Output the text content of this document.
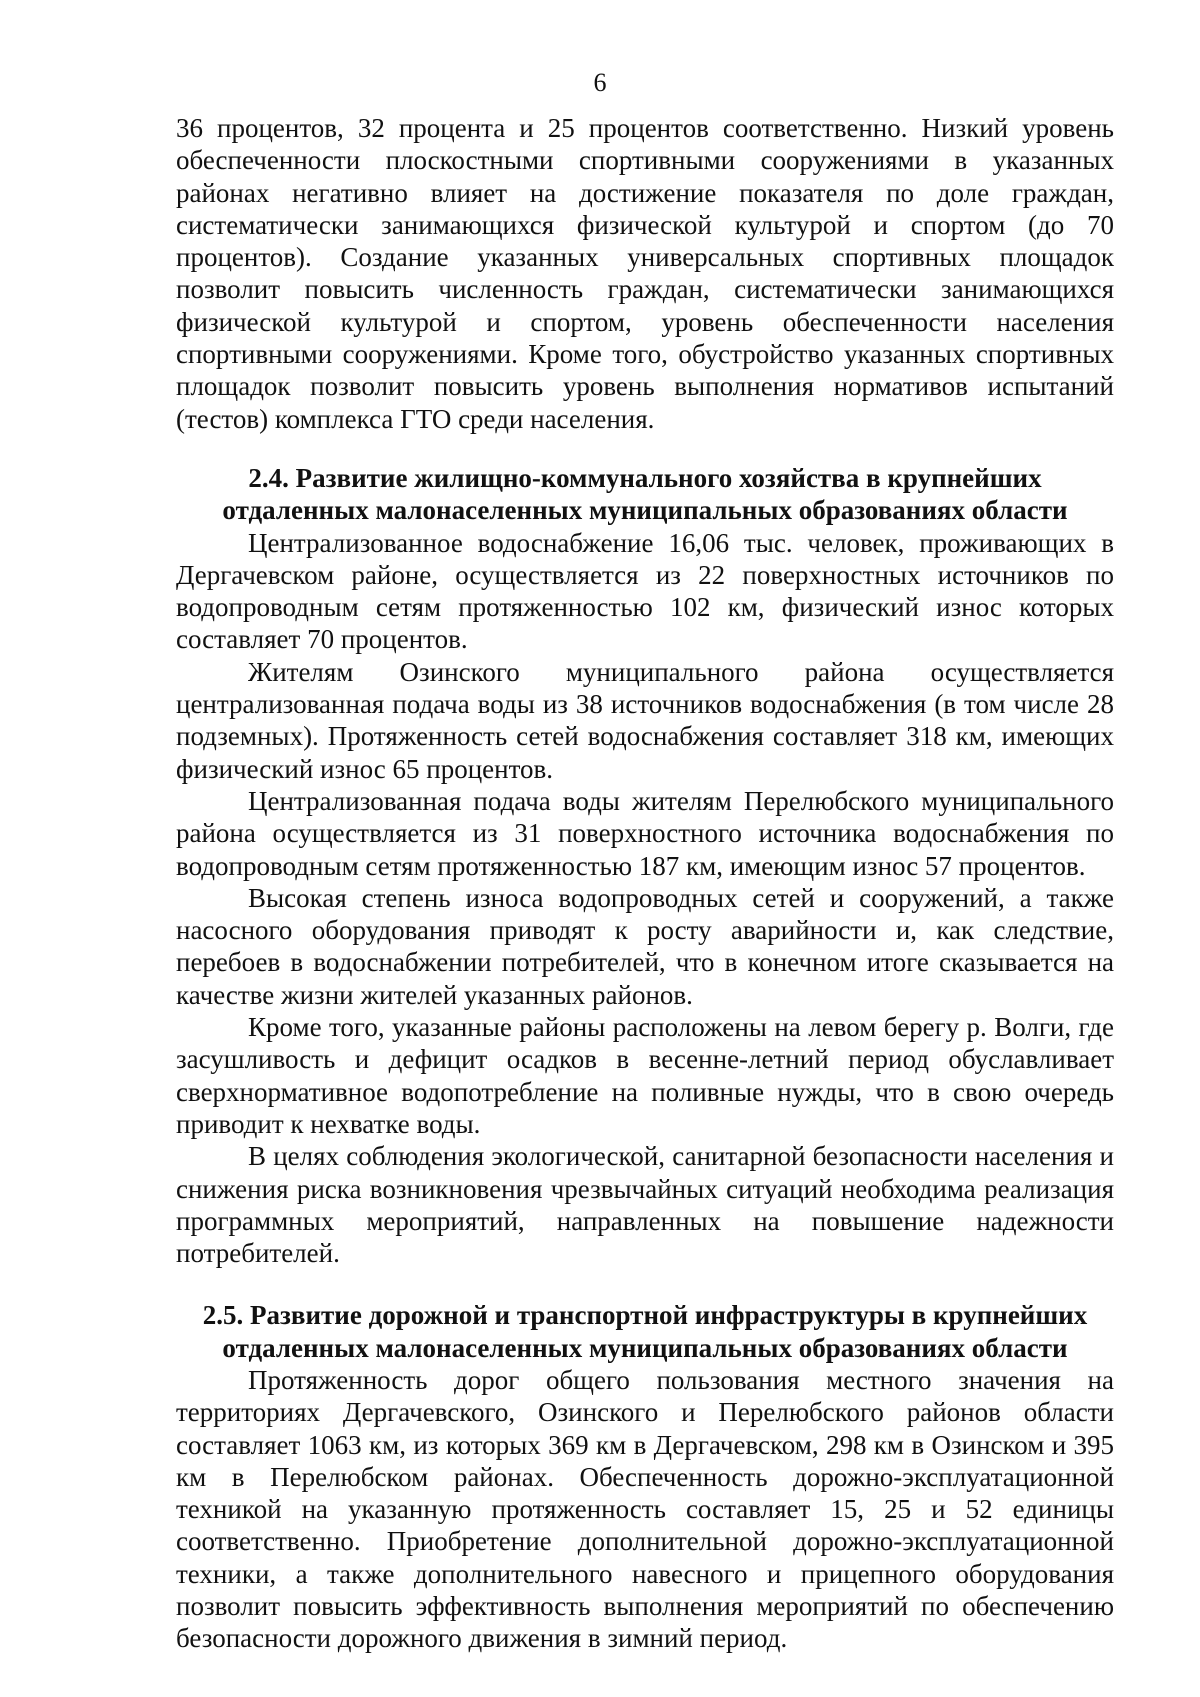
6

36 процентов, 32 процента и 25 процентов соответственно. Низкий уровень обеспеченности плоскостными спортивными сооружениями в указанных районах негативно влияет на достижение показателя по доле граждан, систематически занимающихся физической культурой и спортом (до 70 процентов). Создание указанных универсальных спортивных площадок позволит повысить численность граждан, систематически занимающихся физической культурой и спортом, уровень обеспеченности населения спортивными сооружениями. Кроме того, обустройство указанных спортивных площадок позволит повысить уровень выполнения нормативов испытаний (тестов) комплекса ГТО среди населения.

2.4. Развитие жилищно-коммунального хозяйства в крупнейших
отдаленных малонаселенных муниципальных образованиях области

Централизованное водоснабжение 16,06 тыс. человек, проживающих в Дергачевском районе, осуществляется из 22 поверхностных источников по водопроводным сетям протяженностью 102 км, физический износ которых составляет 70 процентов.

Жителям Озинского муниципального района осуществляется централизованная подача воды из 38 источников водоснабжения (в том числе 28 подземных). Протяженность сетей водоснабжения составляет 318 км, имеющих физический износ 65 процентов.

Централизованная подача воды жителям Перелюбского муниципального района осуществляется из 31 поверхностного источника водоснабжения по водопроводным сетям протяженностью 187 км, имеющим износ 57 процентов.

Высокая степень износа водопроводных сетей и сооружений, а также насосного оборудования приводят к росту аварийности и, как следствие, перебоев в водоснабжении потребителей, что в конечном итоге сказывается на качестве жизни жителей указанных районов.

Кроме того, указанные районы расположены на левом берегу р. Волги, где засушливость и дефицит осадков в весенне-летний период обуславливает сверхнормативное водопотребление на поливные нужды, что в свою очередь приводит к нехватке воды.

В целях соблюдения экологической, санитарной безопасности населения и снижения риска возникновения чрезвычайных ситуаций необходима реализация программных мероприятий, направленных на повышение надежности потребителей.

2.5. Развитие дорожной и транспортной инфраструктуры в крупнейших
отдаленных малонаселенных муниципальных образованиях области

Протяженность дорог общего пользования местного значения на территориях Дергачевского, Озинского и Перелюбского районов области составляет 1063 км, из которых 369 км в Дергачевском, 298 км в Озинском и 395 км в Перелюбском районах. Обеспеченность дорожно-эксплуатационной техникой на указанную протяженность составляет 15, 25 и 52 единицы соответственно. Приобретение дополнительной дорожно-эксплуатационной техники, а также дополнительного навесного и прицепного оборудования позволит повысить эффективность выполнения мероприятий по обеспечению безопасности дорожного движения в зимний период.
